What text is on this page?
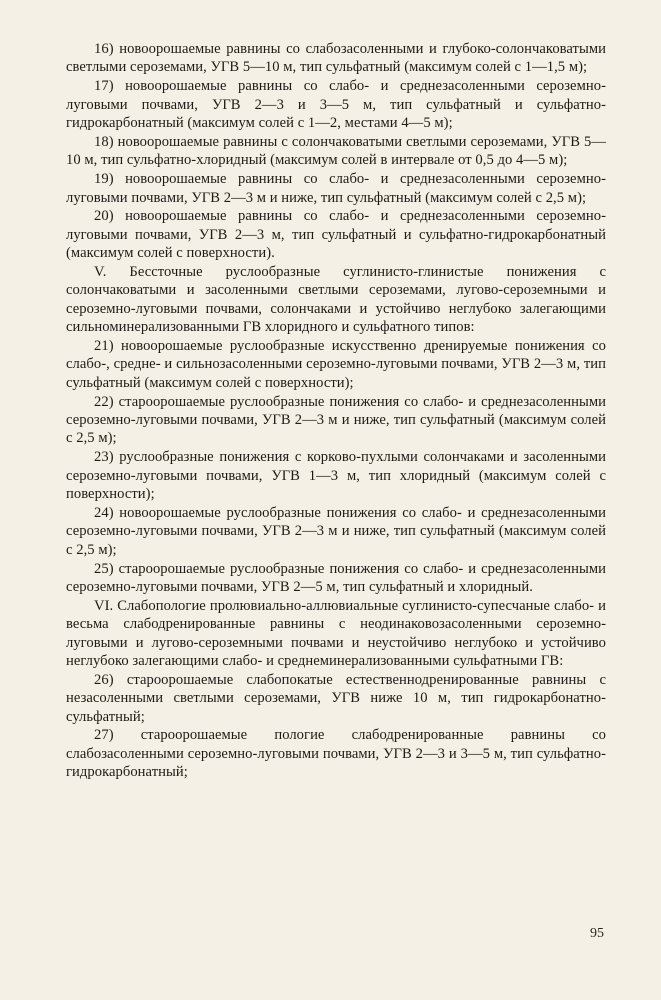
16) новоорошаемые равнины со слабозасоленными и глубоко-солончаковатыми светлыми сероземами, УГВ 5—10 м, тип сульфатный (максимум солей с 1—1,5 м);

17) новоорошаемые равнины со слабо- и среднезасоленными сероземно-луговыми почвами, УГВ 2—3 и 3—5 м, тип сульфатный и сульфатно-гидрокарбонатный (максимум солей с 1—2, местами 4—5 м);

18) новоорошаемые равнины с солончаковатыми светлыми сероземами, УГВ 5—10 м, тип сульфатно-хлоридный (максимум солей в интервале от 0,5 до 4—5 м);

19) новоорошаемые равнины со слабо- и среднезасоленными сероземно-луговыми почвами, УГВ 2—3 м и ниже, тип сульфатный (максимум солей с 2,5 м);

20) новоорошаемые равнины со слабо- и среднезасоленными сероземно-луговыми почвами, УГВ 2—3 м, тип сульфатный и сульфатно-гидрокарбонатный (максимум солей с поверхности).

V. Бессточные руслообразные суглинисто-глинистые понижения с солончаковатыми и засоленными светлыми сероземами, лугово-сероземными и сероземно-луговыми почвами, солончаками и устойчиво неглубоко залегающими сильноминерализованными ГВ хлоридного и сульфатного типов:

21) новоорошаемые руслообразные искусственно дренируемые понижения со слабо-, средне- и сильнозасоленными сероземно-луговыми почвами, УГВ 2—3 м, тип сульфатный (максимум солей с поверхности);

22) староорошаемые руслообразные понижения со слабо- и среднезасоленными сероземно-луговыми почвами, УГВ 2—3 м и ниже, тип сульфатный (максимум солей с 2,5 м);

23) руслообразные понижения с корково-пухлыми солончаками и засоленными сероземно-луговыми почвами, УГВ 1—3 м, тип хлоридный (максимум солей с поверхности);

24) новоорошаемые руслообразные понижения со слабо- и среднезасоленными сероземно-луговыми почвами, УГВ 2—3 м и ниже, тип сульфатный (максимум солей с 2,5 м);

25) староорошаемые руслообразные понижения со слабо- и среднезасоленными сероземно-луговыми почвами, УГВ 2—5 м, тип сульфатный и хлоридный.

VI. Слабопологие пролювиально-аллювиальные суглинисто-супесчаные слабо- и весьма слабодренированные равнины с неодинаковозасоленными сероземно-луговыми и лугово-сероземными почвами и неустойчиво неглубоко и устойчиво неглубоко залегающими слабо- и среднеминерализованными сульфатными ГВ:

26) староорошаемые слабопокатые естественнодренированные равнины с незасоленными светлыми сероземами, УГВ ниже 10 м, тип гидрокарбонатно-сульфатный;

27) староорошаемые пологие слабодренированные равнины со слабозасоленными сероземно-луговыми почвами, УГВ 2—3 и 3—5 м, тип сульфатно-гидрокарбонатный;

95
